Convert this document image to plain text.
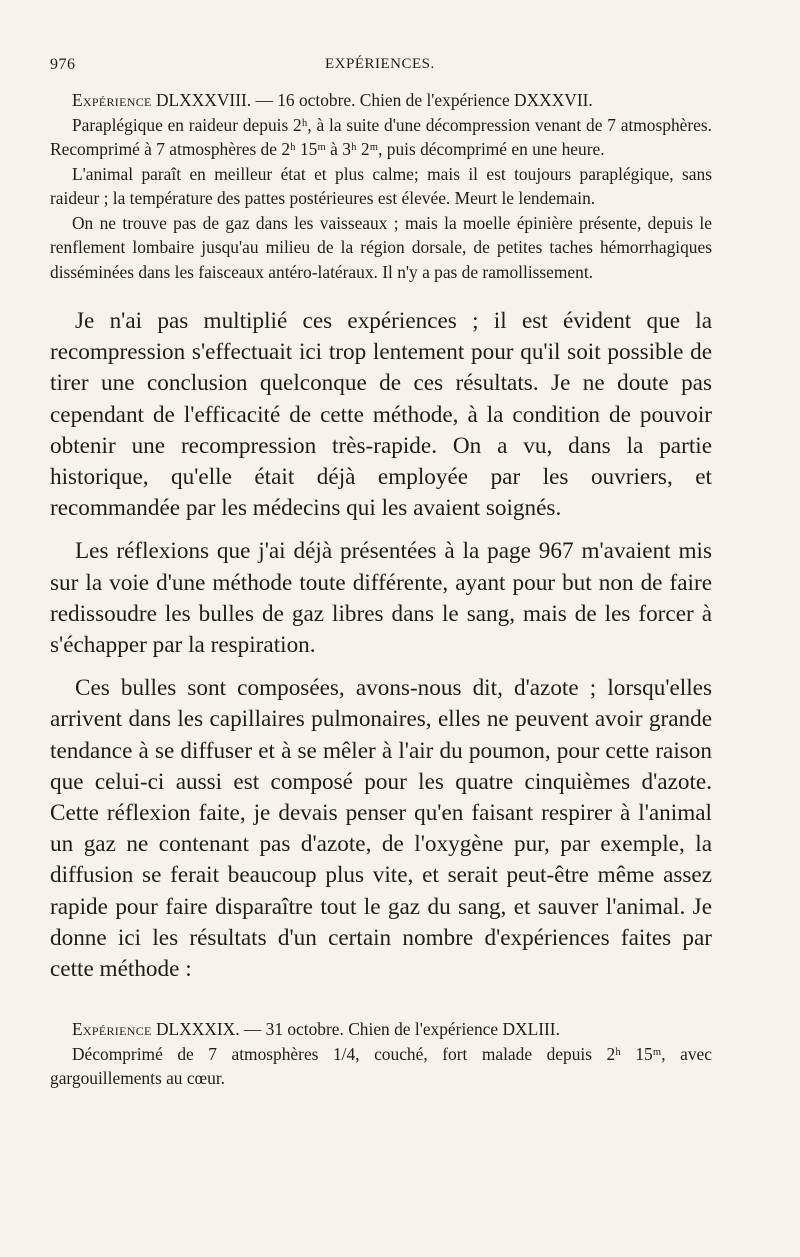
976	EXPÉRIENCES.

Expérience DLXXXVIII. — 16 octobre. Chien de l'expérience DXXXVII.

Paraplégique en raideur depuis 2ʰ, à la suite d'une décompression venant de 7 atmosphères. Recomprimé à 7 atmosphères de 2ʰ 15ᵐ à 3ʰ 2ᵐ, puis décomprimé en une heure.

L'animal paraît en meilleur état et plus calme; mais il est toujours paraplégique, sans raideur ; la température des pattes postérieures est élevée. Meurt le lendemain.

On ne trouve pas de gaz dans les vaisseaux ; mais la moelle épinière présente, depuis le renflement lombaire jusqu'au milieu de la région dorsale, de petites taches hémorrhagiques disséminées dans les faisceaux antéro-latéraux. Il n'y a pas de ramollissement.

Je n'ai pas multiplié ces expériences ; il est évident que la recompression s'effectuait ici trop lentement pour qu'il soit possible de tirer une conclusion quelconque de ces résultats. Je ne doute pas cependant de l'efficacité de cette méthode, à la condition de pouvoir obtenir une recompression très-rapide. On a vu, dans la partie historique, qu'elle était déjà employée par les ouvriers, et recommandée par les médecins qui les avaient soignés.

Les réflexions que j'ai déjà présentées à la page 967 m'avaient mis sur la voie d'une méthode toute différente, ayant pour but non de faire redissoudre les bulles de gaz libres dans le sang, mais de les forcer à s'échapper par la respiration.

Ces bulles sont composées, avons-nous dit, d'azote ; lorsqu'elles arrivent dans les capillaires pulmonaires, elles ne peuvent avoir grande tendance à se diffuser et à se mêler à l'air du poumon, pour cette raison que celui-ci aussi est composé pour les quatre cinquièmes d'azote. Cette réflexion faite, je devais penser qu'en faisant respirer à l'animal un gaz ne contenant pas d'azote, de l'oxygène pur, par exemple, la diffusion se ferait beaucoup plus vite, et serait peut-être même assez rapide pour faire disparaître tout le gaz du sang, et sauver l'animal. Je donne ici les résultats d'un certain nombre d'expériences faites par cette méthode :

Expérience DLXXXIX. — 31 octobre. Chien de l'expérience DXLIII.

Décomprimé de 7 atmosphères 1/4, couché, fort malade depuis 2ʰ 15ᵐ, avec gargouillements au cœur.
